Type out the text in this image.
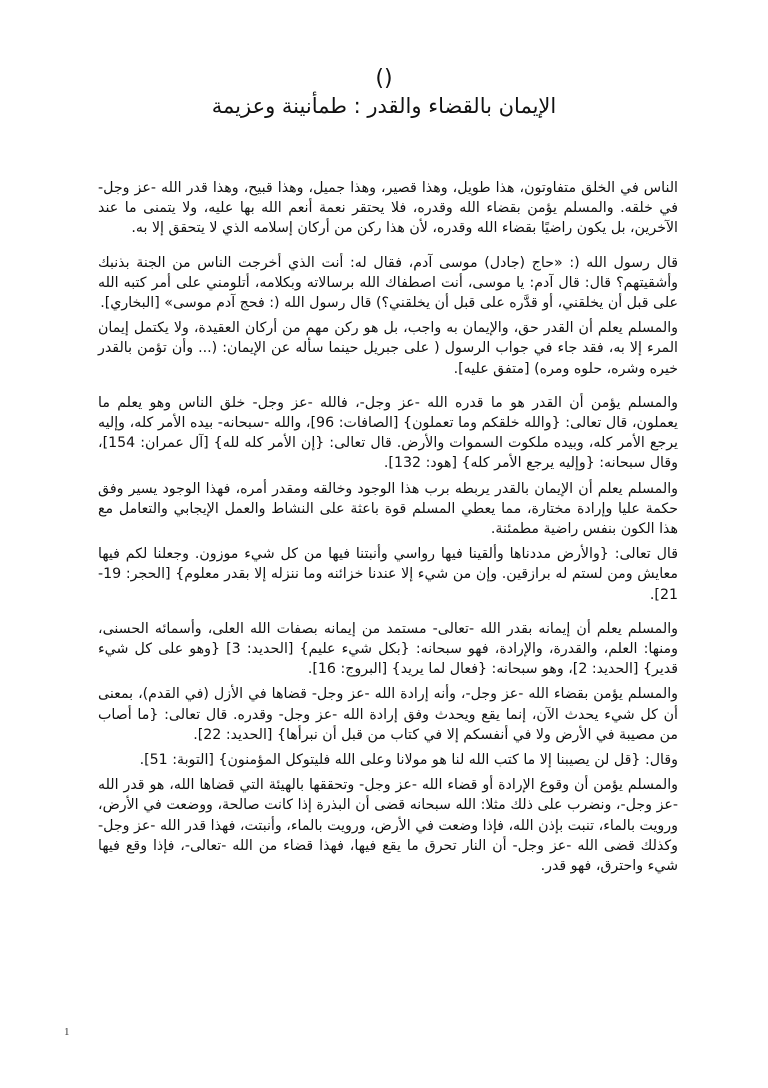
()
الإيمان بالقضاء والقدر : طمأنينة وعزيمة

الناس في الخلق متفاوتون، هذا طويل، وهذا قصير، وهذا جميل، وهذا قبيح، وهذا قدر الله -عز وجل- في خلقه. والمسلم يؤمن بقضاء الله وقدره، فلا يحتقر نعمة أنعم الله بها عليه، ولا يتمنى ما عند الآخرين، بل يكون راضيًا بقضاء الله وقدره، لأن هذا ركن من أركان إسلامه الذي لا يتحقق إلا به.

قال رسول الله (: «حاج (جادل) موسى آدم، فقال له: أنت الذي أخرجت الناس من الجنة بذنبك وأشقيتهم؟ قال: قال آدم: يا موسى، أنت اصطفاك الله برسالاته وبكلامه، أتلومني على أمر كتبه الله على قبل أن يخلقني، أو قدَّره على قبل أن يخلقني؟) قال رسول الله (: فحج آدم موسى» [البخاري].

والمسلم يعلم أن القدر حق، والإيمان به واجب، بل هو ركن مهم من أركان العقيدة، ولا يكتمل إيمان المرء إلا به، فقد جاء في جواب الرسول ( على جبريل حينما سأله عن الإيمان: (... وأن تؤمن بالقدر خيره وشره، حلوه ومره) [متفق عليه].

والمسلم يؤمن أن القدر هو ما قدره الله -عز وجل-، فالله -عز وجل- خلق الناس وهو يعلم ما يعملون، قال تعالى: {والله خلقكم وما تعملون} [الصافات: 96]، والله -سبحانه- بيده الأمر كله، وإليه يرجع الأمر كله، وبيده ملكوت السموات والأرض. قال تعالى: {إن الأمر كله لله} [آل عمران: 154]، وقال سبحانه: {وإليه يرجع الأمر كله} [هود: 132].

والمسلم يعلم أن الإيمان بالقدر يربطه برب هذا الوجود وخالقه ومقدر أمره، فهذا الوجود يسير وفق حكمة عليا وإرادة مختارة، مما يعطي المسلم قوة باعثة على النشاط والعمل الإيجابي والتعامل مع هذا الكون بنفس راضية مطمئنة.

قال تعالى: {والأرض مددناها وألقينا فيها رواسي وأنبتنا فيها من كل شيء موزون. وجعلنا لكم فيها معايش ومن لستم له برازقين. وإن من شيء إلا عندنا خزائنه وما ننزله إلا بقدر معلوم} [الحجر: 19-21].

والمسلم يعلم أن إيمانه بقدر الله -تعالى- مستمد من إيمانه بصفات الله العلى، وأسمائه الحسنى، ومنها: العلم، والقدرة، والإرادة، فهو سبحانه: {بكل شيء عليم} [الحديد: 3] {وهو على كل شيء قدير} [الحديد: 2]، وهو سبحانه: {فعال لما يريد} [البروج: 16].

والمسلم يؤمن بقضاء الله -عز وجل-، وأنه إرادة الله -عز وجل- قضاها في الأزل (في القدم)، بمعنى أن كل شيء يحدث الآن، إنما يقع ويحدث وفق إرادة الله -عز وجل- وقدره. قال تعالى: {ما أصاب من مصيبة في الأرض ولا في أنفسكم إلا في كتاب من قبل أن نبرأها} [الحديد: 22].

وقال: {قل لن يصيبنا إلا ما كتب الله لنا هو مولانا وعلى الله فليتوكل المؤمنون} [التوبة: 51].

والمسلم يؤمن أن وقوع الإرادة أو قضاء الله -عز وجل- وتحققها بالهيئة التي قضاها الله، هو قدر الله -عز وجل-، ونضرب على ذلك مثلا: الله سبحانه قضى أن البذرة إذا كانت صالحة، ووضعت في الأرض، ورويت بالماء، تنبت بإذن الله، فإذا وضعت في الأرض، ورويت بالماء، وأنبتت، فهذا قدر الله -عز وجل- وكذلك قضى الله -عز وجل- أن النار تحرق ما يقع فيها، فهذا قضاء من الله -تعالى-، فإذا وقع فيها شيء واحترق، فهو قدر.

1
